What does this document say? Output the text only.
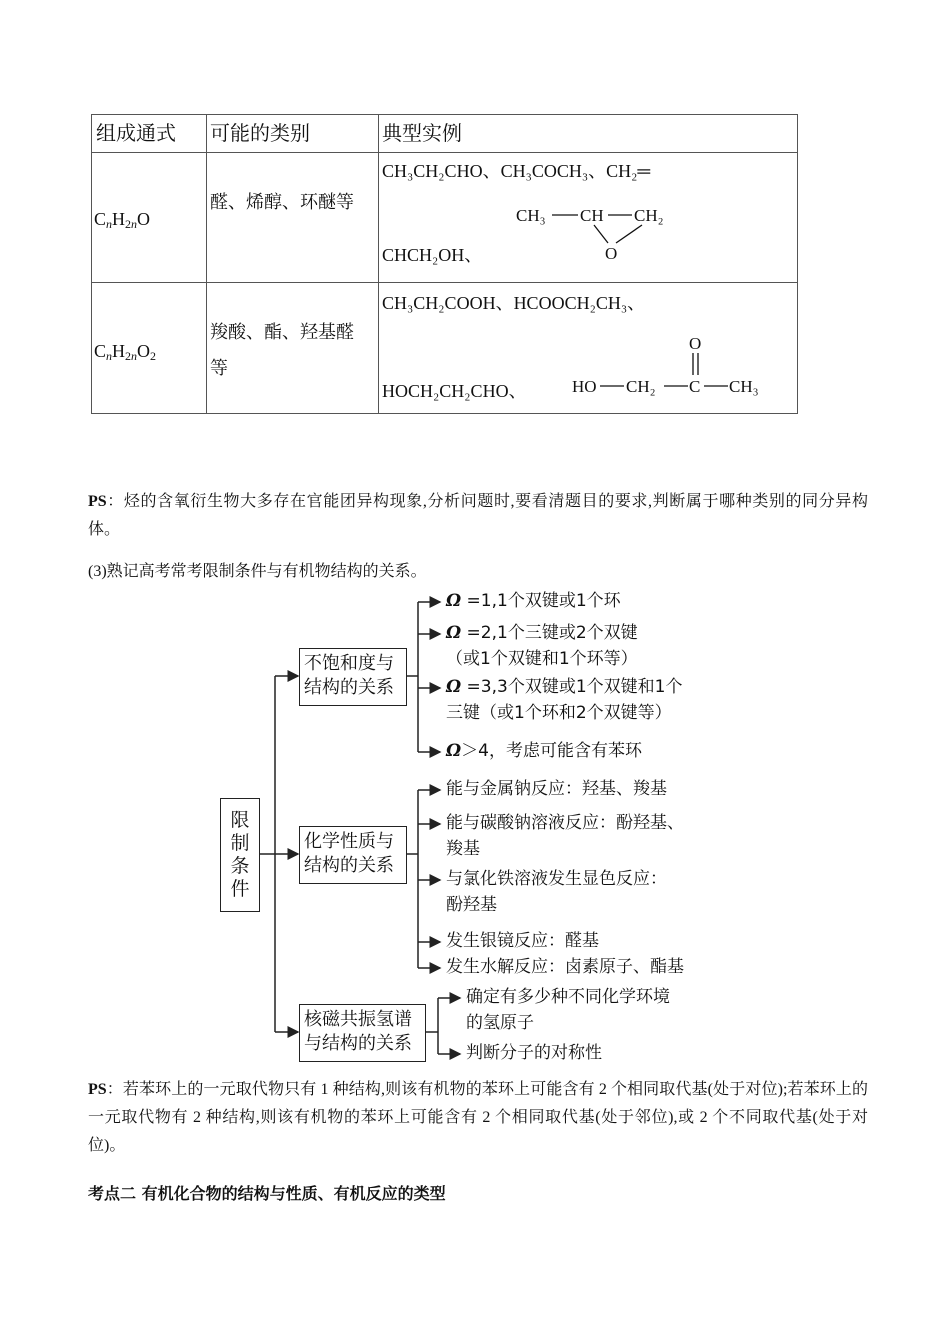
组成通式 可能的类别	典型实例
$C_nH_{2n}O$
醛、烯醇、环醚等
CH₃CH₂CHO、CH₃COCH₃、CH₂═
CHCH₂OH、
CH₃ CH CH₂
O
$C_nH_{2n}O_2$
羧酸、酯、羟基醛等
CH₃CH₂COOH、HCOOCH₂CH₃、
HOCH₂CH₂CHO、	HO CH₂ C CH₃
O
PS：烃的含氧衍生物大多存在官能团异构现象,分析问题时,要看清题目的要求,判断属于哪种类别的同分异构体。
(3)熟记高考常考限制条件与有机物结构的关系。
限制条件
不饱和度与结构的关系
化学性质与结构的关系
核磁共振氢谱与结构的关系
Ω =1,1个双键或1个环
Ω =2,1个三键或2个双键
（或1个双键和1个环等）
Ω =3,3个双键或1个双键和1个
三键（或1个环和2个双键等）
Ω＞4，考虑可能含有苯环
能与金属钠反应：羟基、羧基
能与碳酸钠溶液反应：酚羟基、
羧基
与氯化铁溶液发生显色反应：
酚羟基
发生银镜反应：醛基
发生水解反应：卤素原子、酯基
确定有多少种不同化学环境
的氢原子
判断分子的对称性
PS：若苯环上的一元取代物只有 1 种结构,则该有机物的苯环上可能含有 2 个相同取代基(处于对位);若苯环上的一元取代物有 2 种结构,则该有机物的苯环上可能含有 2 个相同取代基(处于邻位),或 2 个不同取代基(处于对位)。
考点二 有机化合物的结构与性质、有机反应的类型
